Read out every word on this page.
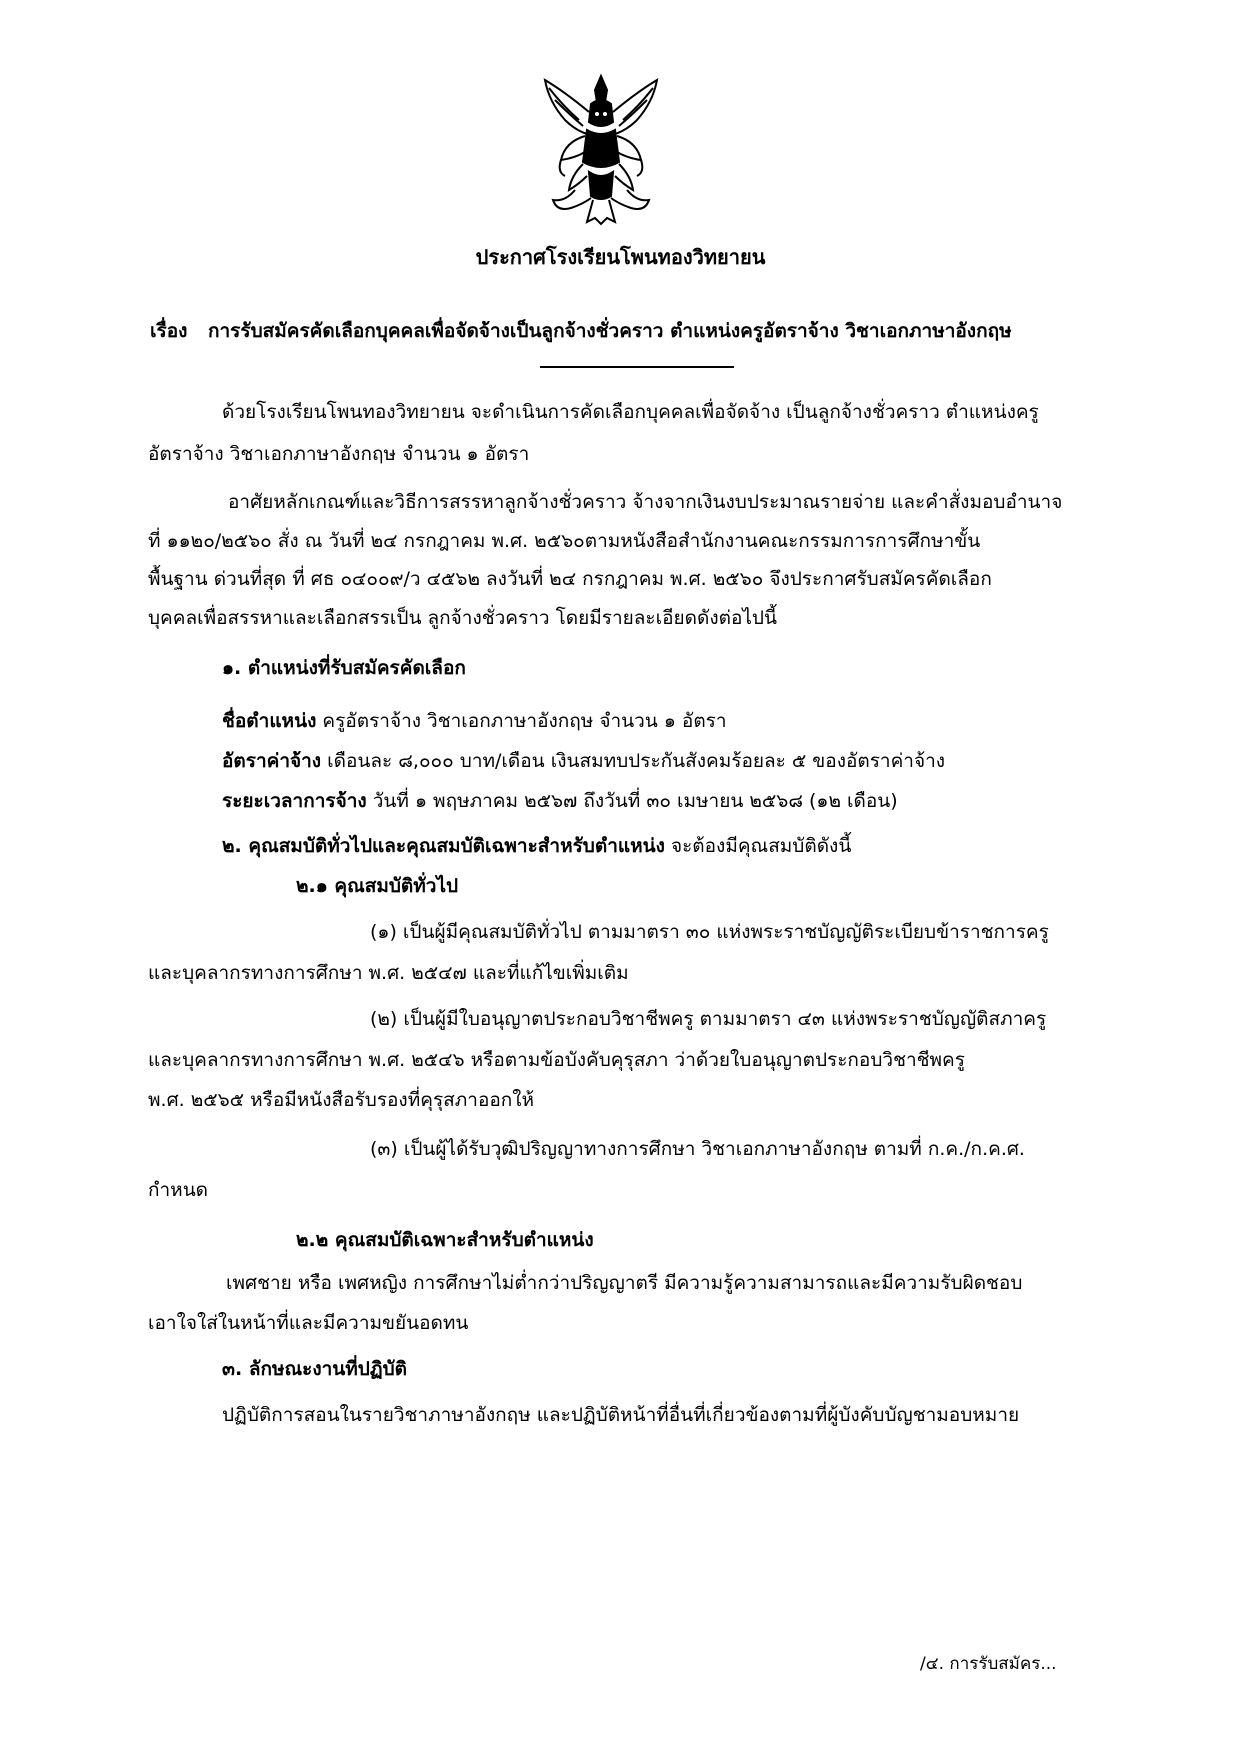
ประกาศโรงเรียนโพนทองวิทยายน
เรื่อง การรับสมัครคัดเลือกบุคคลเพื่อจัดจ้างเป็นลูกจ้างชั่วคราว ตำแหน่งครูอัตราจ้าง วิชาเอกภาษาอังกฤษ
ด้วยโรงเรียนโพนทองวิทยายน จะดำเนินการคัดเลือกบุคคลเพื่อจัดจ้าง เป็นลูกจ้างชั่วคราว ตำแหน่งครู
อัตราจ้าง วิชาเอกภาษาอังกฤษ จำนวน ๑ อัตรา
อาศัยหลักเกณฑ์และวิธีการสรรหาลูกจ้างชั่วคราว จ้างจากเงินงบประมาณรายจ่าย และคำสั่งมอบอำนาจ
ที่ ๑๑๒๐/๒๕๖๐ สั่ง ณ วันที่ ๒๔ กรกฎาคม พ.ศ. ๒๕๖๐ตามหนังสือสำนักงานคณะกรรมการการศึกษาขั้น
พื้นฐาน ด่วนที่สุด ที่ ศธ ๐๔๐๐๙/ว ๔๕๖๒ ลงวันที่ ๒๔ กรกฎาคม พ.ศ. ๒๕๖๐ จึงประกาศรับสมัครคัดเลือก
บุคคลเพื่อสรรหาและเลือกสรรเป็น ลูกจ้างชั่วคราว โดยมีรายละเอียดดังต่อไปนี้
๑. ตำแหน่งที่รับสมัครคัดเลือก
ชื่อตำแหน่ง ครูอัตราจ้าง วิชาเอกภาษาอังกฤษ จำนวน ๑ อัตรา
อัตราค่าจ้าง เดือนละ ๘,๐๐๐ บาท/เดือน เงินสมทบประกันสังคมร้อยละ ๕ ของอัตราค่าจ้าง
ระยะเวลาการจ้าง วันที่ ๑ พฤษภาคม ๒๕๖๗ ถึงวันที่ ๓๐ เมษายน ๒๕๖๘ (๑๒ เดือน)
๒. คุณสมบัติทั่วไปและคุณสมบัติเฉพาะสำหรับตำแหน่ง จะต้องมีคุณสมบัติดังนี้
๒.๑ คุณสมบัติทั่วไป
(๑) เป็นผู้มีคุณสมบัติทั่วไป ตามมาตรา ๓๐ แห่งพระราชบัญญัติระเบียบข้าราชการครู
และบุคลากรทางการศึกษา พ.ศ. ๒๕๔๗ และที่แก้ไขเพิ่มเติม
(๒) เป็นผู้มีใบอนุญาตประกอบวิชาชีพครู ตามมาตรา ๔๓ แห่งพระราชบัญญัติสภาครู
และบุคลากรทางการศึกษา พ.ศ. ๒๕๔๖ หรือตามข้อบังคับคุรุสภา ว่าด้วยใบอนุญาตประกอบวิชาชีพครู
พ.ศ. ๒๕๖๕ หรือมีหนังสือรับรองที่คุรุสภาออกให้
(๓) เป็นผู้ได้รับวุฒิปริญญาทางการศึกษา วิชาเอกภาษาอังกฤษ ตามที่ ก.ค./ก.ค.ศ.
กำหนด
๒.๒ คุณสมบัติเฉพาะสำหรับตำแหน่ง
เพศชาย หรือ เพศหญิง การศึกษาไม่ต่ำกว่าปริญญาตรี มีความรู้ความสามารถและมีความรับผิดชอบ
เอาใจใส่ในหน้าที่และมีความขยันอดทน
๓. ลักษณะงานที่ปฏิบัติ
ปฏิบัติการสอนในรายวิชาภาษาอังกฤษ และปฏิบัติหน้าที่อื่นที่เกี่ยวข้องตามที่ผู้บังคับบัญชามอบหมาย
/๔. การรับสมัคร...
